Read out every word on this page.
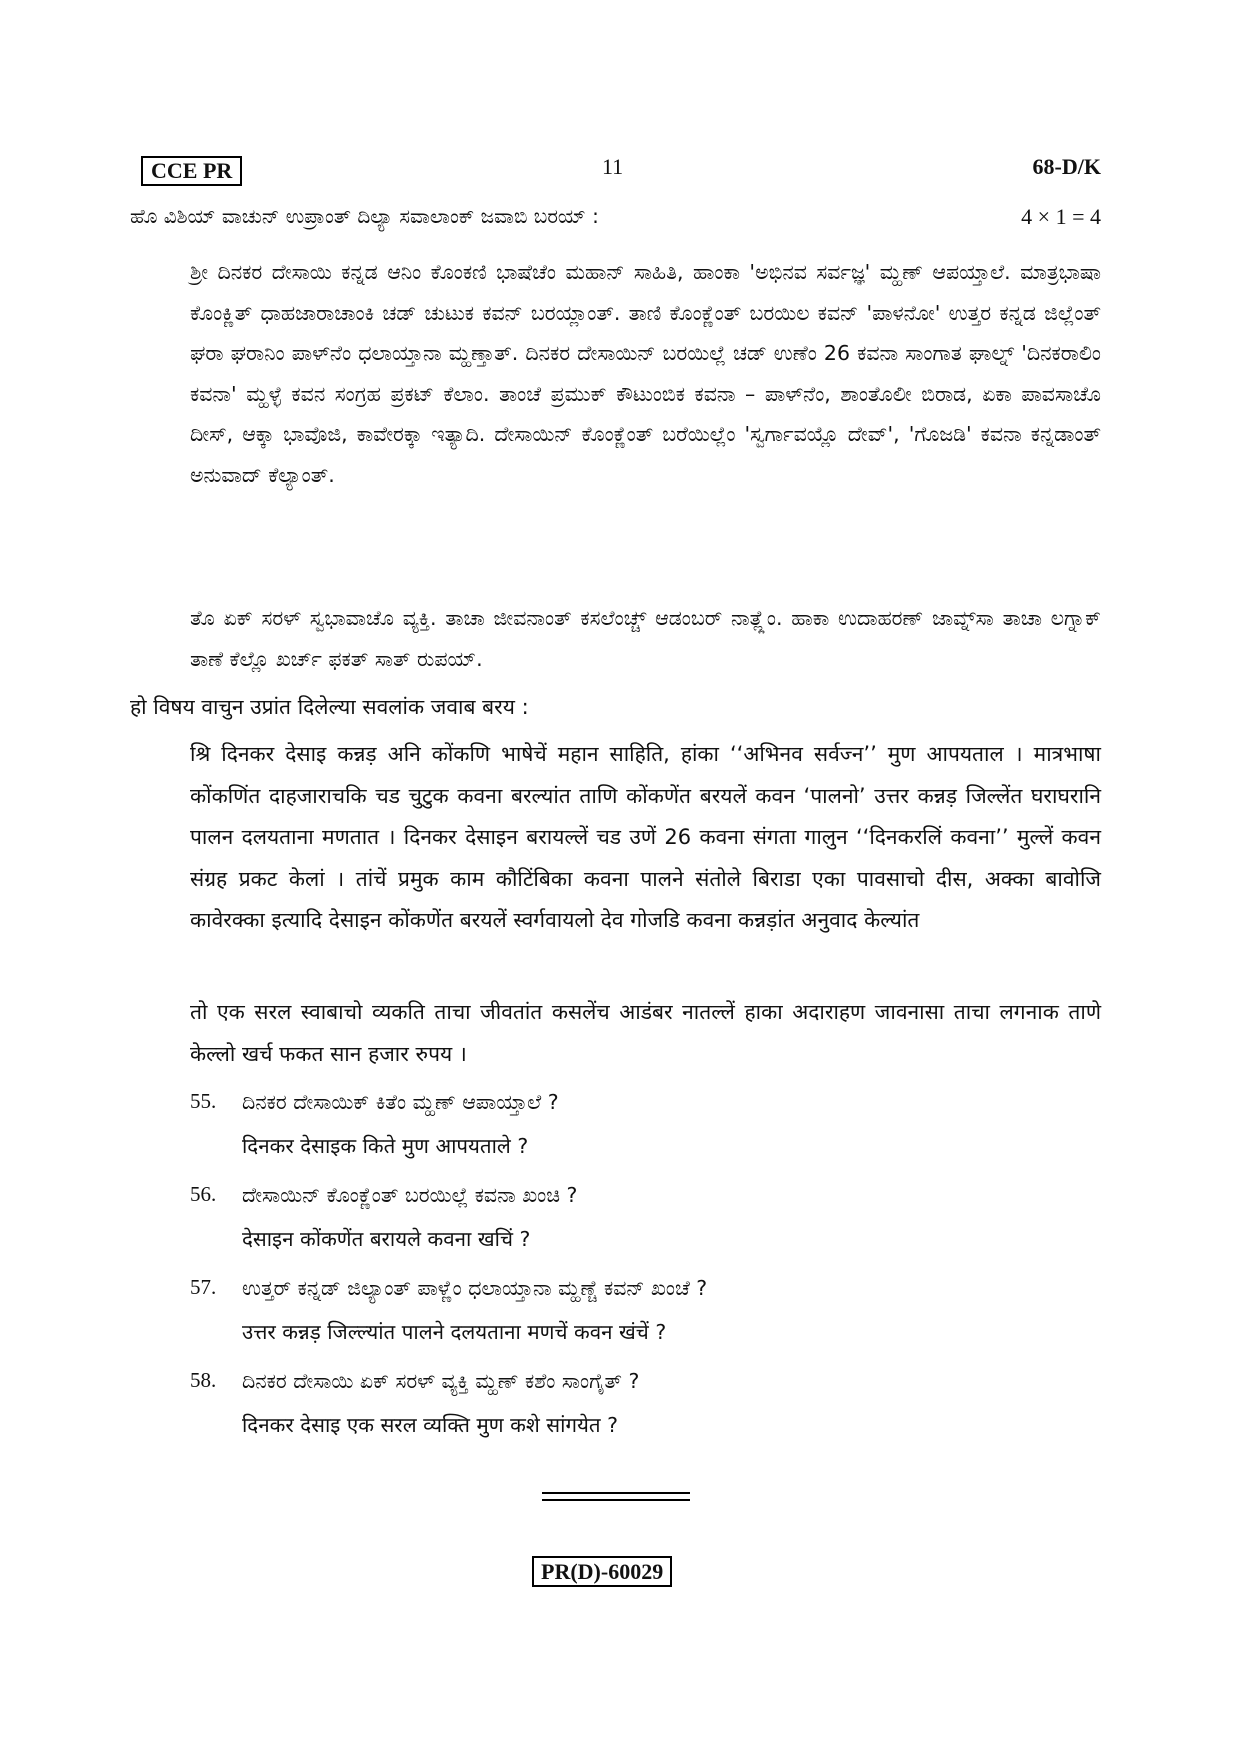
CCE PR	11	68-D/K
ಹೊ ವಿಶಿಯ್ ವಾಚುನ್ ಉಪ್ರಾಂತ್ ದಿಲ್ಯಾ ಸವಾಲಾಂಕ್ ಜವಾಬಿ ಬರಯ್ :	4 × 1 = 4

ಶ್ರೀ ದಿನಕರ ದೇಸಾಯಿ ಕನ್ನಡ ಆನಿಂ ಕೊಂಕಣಿ ಭಾಷೆಚೆಂ ಮಹಾನ್ ಸಾಹಿತಿ, ಹಾಂಕಾ 'ಅಭಿನವ ಸರ್ವಜ್ಞ' ಮ್ಹಣ್ ಆಪಯ್ತಾಲೆ. ಮಾತ್ರಭಾಷಾ ಕೊಂಕ್ಣಿತ್ ಧಾಹಜಾರಾಚಾಂಕಿ ಚಡ್ ಚುಟುಕ ಕವನ್ ಬರಯ್ಲಾಂತ್. ತಾಣಿ ಕೊಂಕ್ಣೆಂತ್ ಬರಯಿಲ ಕವನ್ 'ಪಾಳನೋ' ಉತ್ತರ ಕನ್ನಡ ಜಿಲ್ಲೆಂತ್ ಘರಾ ಘರಾನಿಂ ಪಾಳ್‌ನೆಂ ಧಲಾಯ್ತಾನಾ ಮ್ಹಣ್ತಾತ್. ದಿನಕರ ದೇಸಾಯಿನ್ ಬರಯಿಲ್ಲೆ ಚಡ್ ಉಣೆಂ 26 ಕವನಾ ಸಾಂಗಾತ ಘಾಲ್ನ್ 'ದಿನಕರಾಲಿಂ ಕವನಾ' ಮ್ಹಳ್ಳೆ ಕವನ ಸಂಗ್ರಹ ಪ್ರಕಟ್ ಕೆಲಾಂ. ತಾಂಚೆ ಪ್ರಮುಕ್ ಕೌಟುಂಬಿಕ ಕವನಾ – ಪಾಳ್‌ನೆಂ, ಶಾಂತೊಲೀ ಬಿರಾಡ, ಏಕಾ ಪಾವಸಾಚೊ ದೀಸ್, ಆಕ್ಕಾ ಭಾವೊಜಿ, ಕಾವೇರಕ್ಕಾ ಇತ್ಯಾದಿ. ದೇಸಾಯಿನ್ ಕೊಂಕ್ಣೆಂತ್ ಬರೆಯಿಲ್ಲೆಂ 'ಸ್ವರ್ಗಾವಯ್ಲೊ ದೇವ್', 'ಗೊಜಡಿ' ಕವನಾ ಕನ್ನಡಾಂತ್ ಅನುವಾದ್ ಕೆಲ್ಯಾಂತ್.

ತೊ ಏಕ್ ಸರಳ್ ಸ್ವಭಾವಾಚೊ ವ್ಯಕ್ತಿ. ತಾಚಾ ಜೀವನಾಂತ್ ಕಸಲೆಂಚ್ಚ್ ಆಡಂಬರ್ ನಾತ್ಲ್ಲೆಂ. ಹಾಕಾ ಉದಾಹರಣ್ ಜಾವ್ನ್‌ಸಾ ತಾಚಾ ಲಗ್ನಾಕ್ ತಾಣೆ ಕೆಲ್ಲೊ ಖರ್ಚ್ ಫಕತ್ ಸಾತ್ ರುಪಯ್.

हो विषय वाचुन उप्रांत दिलेल्या सवलांक जवाब बरय :

श्रि दिनकर देसाइ कन्नड़ अनि कोंकणि भाषेचें महान साहिति, हांका ‘‘अभिनव सर्वज्न’’ मुण आपयताल । मात्रभाषा कोंकणिंत दाहजाराचकि चड चुटुक कवना बरल्यांत ताणि कोंकणेंत बरयलें कवन ‘पालनो’ उत्तर कन्नड़ जिल्लेंत घराघरानि पालन दलयताना मणतात । दिनकर देसाइन बरायल्लें चड उणें 26 कवना संगता गालुन ‘‘दिनकरलिं कवना’’ मुल्लें कवन संग्रह प्रकट केलां । तांचें प्रमुक काम कौटिंबिका कवना पालने संतोले बिराडा एका पावसाचो दीस, अक्का बावोजि कावेरक्का इत्यादि देसाइन कोंकणेंत बरयलें स्वर्गवायलो देव गोजडि कवना कन्नड़ांत अनुवाद केल्यांत

तो एक सरल स्वाबाचो व्यकति ताचा जीवतांत कसलेंच आडंबर नातल्लें हाका अदाराहण जावनासा ताचा लगनाक ताणे केल्लो खर्च फकत सान हजार रुपय ।

55.	ದಿನಕರ ದೇಸಾಯಿಕ್ ಕಿತೆಂ ಮ್ಹಣ್ ಆಪಾಯ್ತಾಲೆ ?
दिनकर देसाइक किते मुण आपयताले ?
56.	ದೇಸಾಯಿನ್ ಕೊಂಕ್ಣೆಂತ್ ಬರಯಿಲ್ಲೆ ಕವನಾ ಖಂಚಿ ?
देसाइन कोंकणेंत बरायले कवना खचिं ?
57.	ಉತ್ತರ್ ಕನ್ನಡ್ ಜಿಲ್ಯಾಂತ್ ಪಾಳ್ಣೆಂ ಧಲಾಯ್ತಾನಾ ಮ್ಹಣ್ಚೆ ಕವನ್ ಖಂಚೆ ?
उत्तर कन्नड़ जिल्ल्यांत पालने दलयताना मणचें कवन खंचें ?
58.	ದಿನಕರ ದೇಸಾಯಿ ಏಕ್ ಸರಳ್ ವ್ಯಕ್ತಿ ಮ್ಹಣ್ ಕಶೆಂ ಸಾಂಗೈತ್ ?
दिनकर देसाइ एक सरल व्यक्ति मुण कशे सांगयेत ?
PR(D)-60029
